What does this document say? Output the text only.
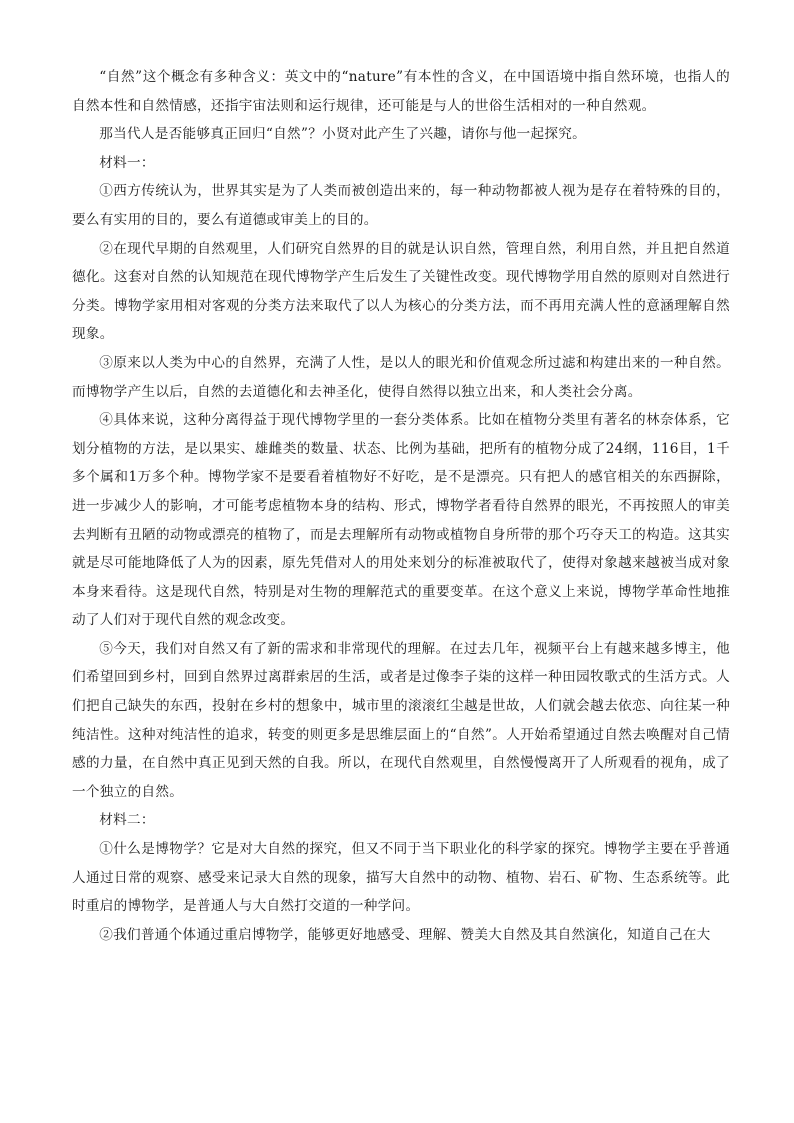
“自然”这个概念有多种含义：英文中的“nature”有本性的含义，在中国语境中指自然环境，也指人的自然本性和自然情感，还指宇宙法则和运行规律，还可能是与人的世俗生活相对的一种自然观。

那当代人是否能够真正回归“自然”？小贤对此产生了兴趣，请你与他一起探究。

材料一：

①西方传统认为，世界其实是为了人类而被创造出来的，每一种动物都被人视为是存在着特殊的目的，要么有实用的目的，要么有道德或审美上的目的。

②在现代早期的自然观里，人们研究自然界的目的就是认识自然，管理自然，利用自然，并且把自然道德化。这套对自然的认知规范在现代博物学产生后发生了关键性改变。现代博物学用自然的原则对自然进行分类。博物学家用相对客观的分类方法来取代了以人为核心的分类方法，而不再用充满人性的意涵理解自然现象。

③原来以人类为中心的自然界，充满了人性，是以人的眼光和价值观念所过滤和构建出来的一种自然。而博物学产生以后，自然的去道德化和去神圣化，使得自然得以独立出来，和人类社会分离。

④具体来说，这种分离得益于现代博物学里的一套分类体系。比如在植物分类里有著名的林奈体系，它划分植物的方法，是以果实、雄雌类的数量、状态、比例为基础，把所有的植物分成了24纲，116目，1千多个属和1万多个种。博物学家不是要看着植物好不好吃，是不是漂亮。只有把人的感官相关的东西摒除，进一步减少人的影响，才可能考虑植物本身的结构、形式，博物学者看待自然界的眼光，不再按照人的审美去判断有丑陋的动物或漂亮的植物了，而是去理解所有动物或植物自身所带的那个巧夺天工的构造。这其实就是尽可能地降低了人为的因素，原先凭借对人的用处来划分的标准被取代了，使得对象越来越被当成对象本身来看待。这是现代自然，特别是对生物的理解范式的重要变革。在这个意义上来说，博物学革命性地推动了人们对于现代自然的观念改变。

⑤今天，我们对自然又有了新的需求和非常现代的理解。在过去几年，视频平台上有越来越多博主，他们希望回到乡村，回到自然界过离群索居的生活，或者是过像李子柒的这样一种田园牧歌式的生活方式。人们把自己缺失的东西，投射在乡村的想象中，城市里的滚滚红尘越是世故，人们就会越去依恋、向往某一种纯洁性。这种对纯洁性的追求，转变的则更多是思维层面上的“自然”。人开始希望通过自然去唤醒对自己情感的力量，在自然中真正见到天然的自我。所以，在现代自然观里，自然慢慢离开了人所观看的视角，成了一个独立的自然。

材料二：

①什么是博物学？它是对大自然的探究，但又不同于当下职业化的科学家的探究。博物学主要在乎普通人通过日常的观察、感受来记录大自然的现象，描写大自然中的动物、植物、岩石、矿物、生态系统等。此时重启的博物学，是普通人与大自然打交道的一种学问。

②我们普通个体通过重启博物学，能够更好地感受、理解、赞美大自然及其自然演化，知道自己在大
